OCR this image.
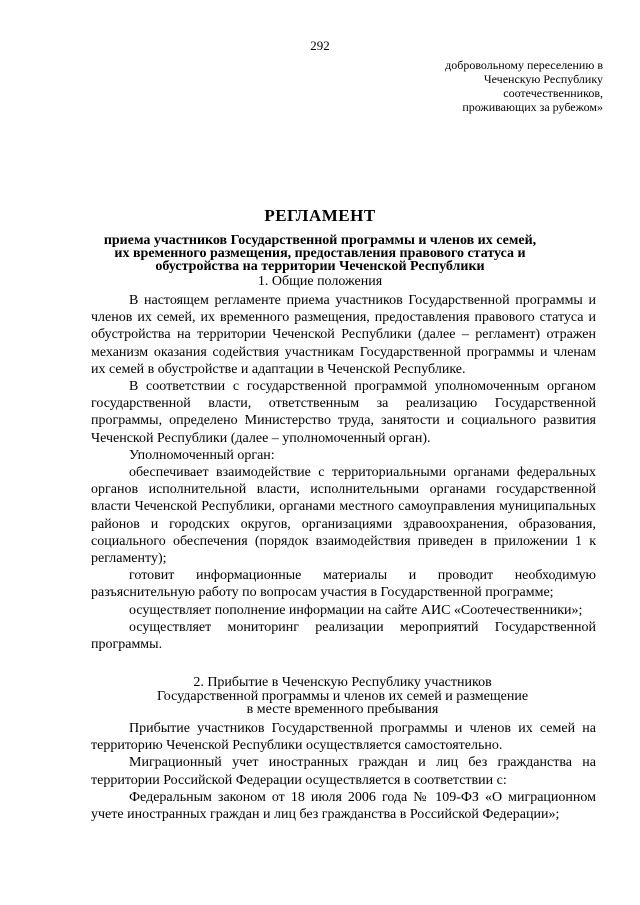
292
добровольному переселению в
Чеченскую Республику
соотечественников,
проживающих за рубежом»
РЕГЛАМЕНТ
приема участников Государственной программы и членов их семей,
их временного размещения, предоставления правового статуса и
обустройства на территории Чеченской Республики
1. Общие положения

В настоящем регламенте приема участников Государственной программы и членов их семей, их временного размещения, предоставления правового статуса и обустройства на территории Чеченской Республики (далее – регламент) отражен механизм оказания содействия участникам Государственной программы и членам их семей в обустройстве и адаптации в Чеченской Республике.

В соответствии с государственной программой уполномоченным органом государственной власти, ответственным за реализацию Государственной программы, определено Министерство труда, занятости и социального развития Чеченской Республики (далее – уполномоченный орган).

Уполномоченный орган:

обеспечивает взаимодействие с территориальными органами федеральных органов исполнительной власти, исполнительными органами государственной власти Чеченской Республики, органами местного самоуправления муниципальных районов и городских округов, организациями здравоохранения, образования, социального обеспечения (порядок взаимодействия приведен в приложении 1 к регламенту);

готовит информационные материалы и проводит необходимую разъяснительную работу по вопросам участия в Государственной программе;

осуществляет пополнение информации на сайте АИС «Соотечественники»;

осуществляет мониторинг реализации мероприятий Государственной программы.

2. Прибытие в Чеченскую Республику участников
Государственной программы и членов их семей и размещение
в месте временного пребывания

Прибытие участников Государственной программы и членов их семей на территорию Чеченской Республики осуществляется самостоятельно.

Миграционный учет иностранных граждан и лиц без гражданства на территории Российской Федерации осуществляется в соответствии с:

Федеральным законом от 18 июля 2006 года № 109-ФЗ «О миграционном учете иностранных граждан и лиц без гражданства в Российской Федерации»;
